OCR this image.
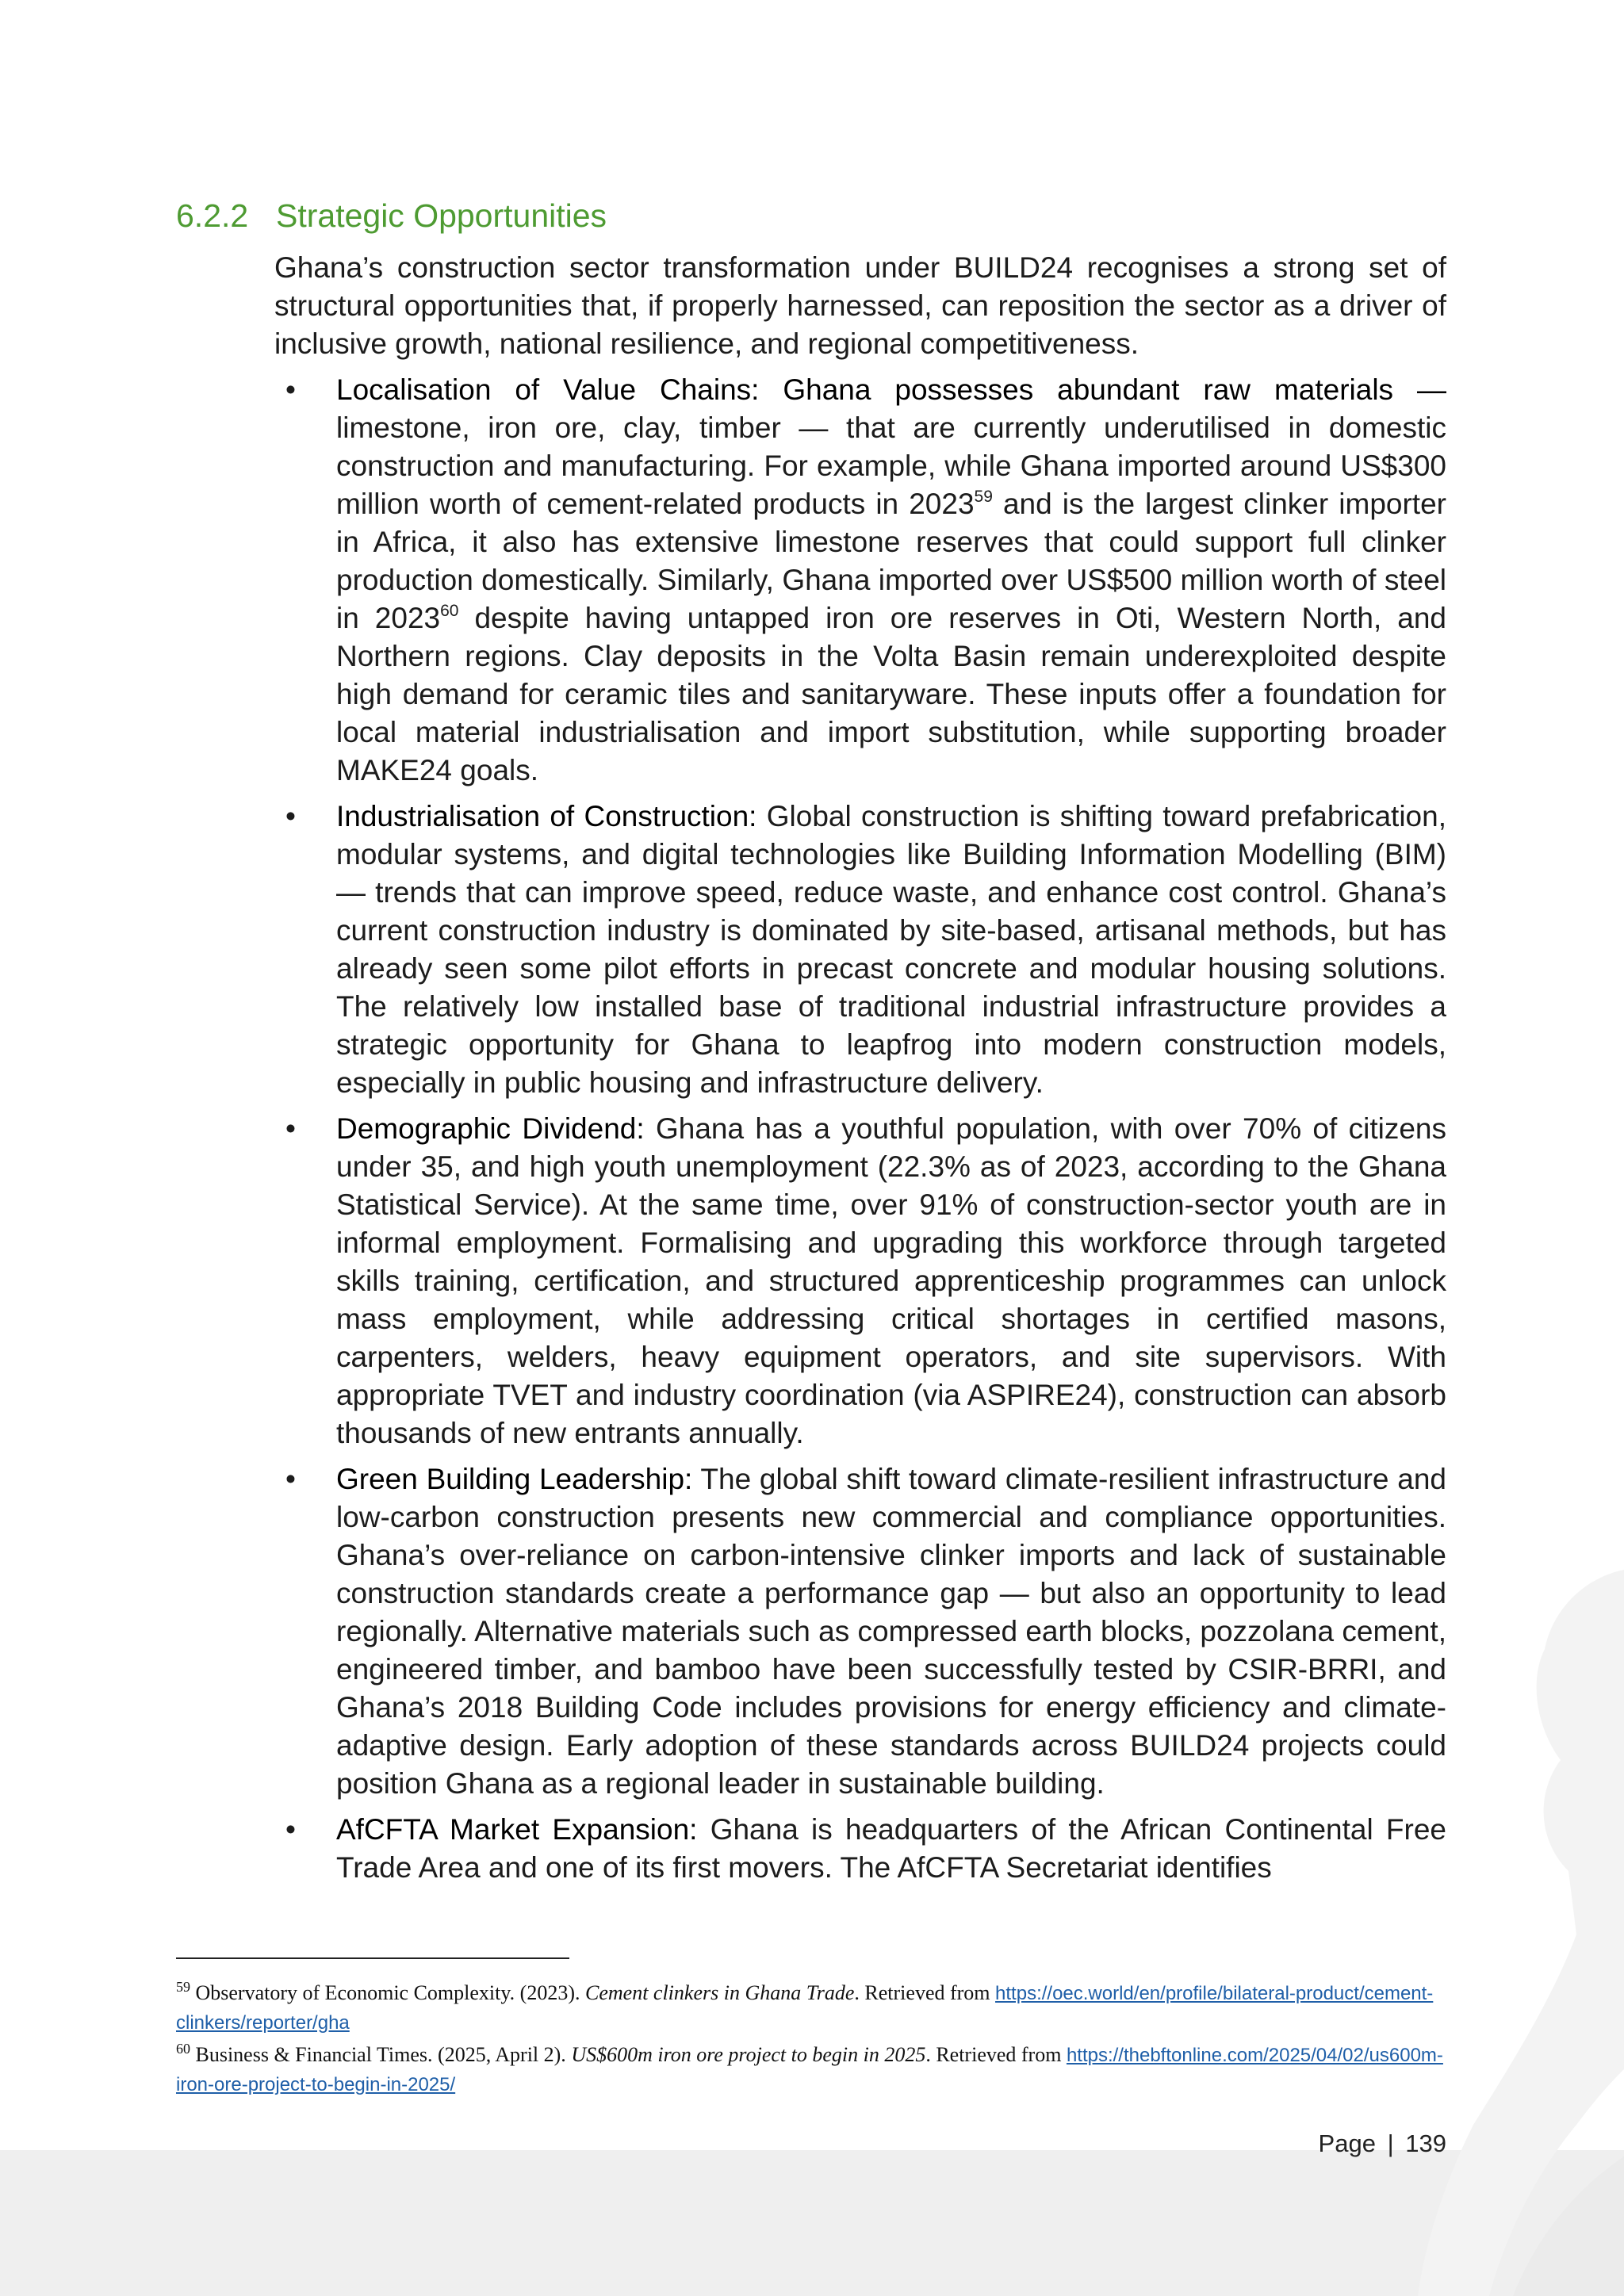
6.2.2 Strategic Opportunities

Ghana’s construction sector transformation under BUILD24 recognises a strong set of structural opportunities that, if properly harnessed, can reposition the sector as a driver of inclusive growth, national resilience, and regional competitiveness.

• Localisation of Value Chains: Ghana possesses abundant raw materials — limestone, iron ore, clay, timber — that are currently underutilised in domestic construction and manufacturing. For example, while Ghana imported around US$300 million worth of cement-related products in 2023$^{59}$ and is the largest clinker importer in Africa, it also has extensive limestone reserves that could support full clinker production domestically. Similarly, Ghana imported over US$500 million worth of steel in 2023$^{60}$ despite having untapped iron ore reserves in Oti, Western North, and Northern regions. Clay deposits in the Volta Basin remain underexploited despite high demand for ceramic tiles and sanitaryware. These inputs offer a foundation for local material industrialisation and import substitution, while supporting broader MAKE24 goals.
• Industrialisation of Construction: Global construction is shifting toward prefabrication, modular systems, and digital technologies like Building Information Modelling (BIM) — trends that can improve speed, reduce waste, and enhance cost control. Ghana’s current construction industry is dominated by site-based, artisanal methods, but has already seen some pilot efforts in precast concrete and modular housing solutions. The relatively low installed base of traditional industrial infrastructure provides a strategic opportunity for Ghana to leapfrog into modern construction models, especially in public housing and infrastructure delivery.
• Demographic Dividend: Ghana has a youthful population, with over 70% of citizens under 35, and high youth unemployment (22.3% as of 2023, according to the Ghana Statistical Service). At the same time, over 91% of construction-sector youth are in informal employment. Formalising and upgrading this workforce through targeted skills training, certification, and structured apprenticeship programmes can unlock mass employment, while addressing critical shortages in certified masons, carpenters, welders, heavy equipment operators, and site supervisors. With appropriate TVET and industry coordination (via ASPIRE24), construction can absorb thousands of new entrants annually.
• Green Building Leadership: The global shift toward climate-resilient infrastructure and low-carbon construction presents new commercial and compliance opportunities. Ghana’s over-reliance on carbon-intensive clinker imports and lack of sustainable construction standards create a performance gap — but also an opportunity to lead regionally. Alternative materials such as compressed earth blocks, pozzolana cement, engineered timber, and bamboo have been successfully tested by CSIR-BRRI, and Ghana’s 2018 Building Code includes provisions for energy efficiency and climate-adaptive design. Early adoption of these standards across BUILD24 projects could position Ghana as a regional leader in sustainable building.
• AfCFTA Market Expansion: Ghana is headquarters of the African Continental Free Trade Area and one of its first movers. The AfCFTA Secretariat identifies

$^{59}$ Observatory of Economic Complexity. (2023). Cement clinkers in Ghana Trade. Retrieved from https://oec.world/en/profile/bilateral-product/cement-clinkers/reporter/gha

$^{60}$ Business & Financial Times. (2025, April 2). US$600m iron ore project to begin in 2025. Retrieved from https://thebftonline.com/2025/04/02/us600m-iron-ore-project-to-begin-in-2025/

Page | 139
